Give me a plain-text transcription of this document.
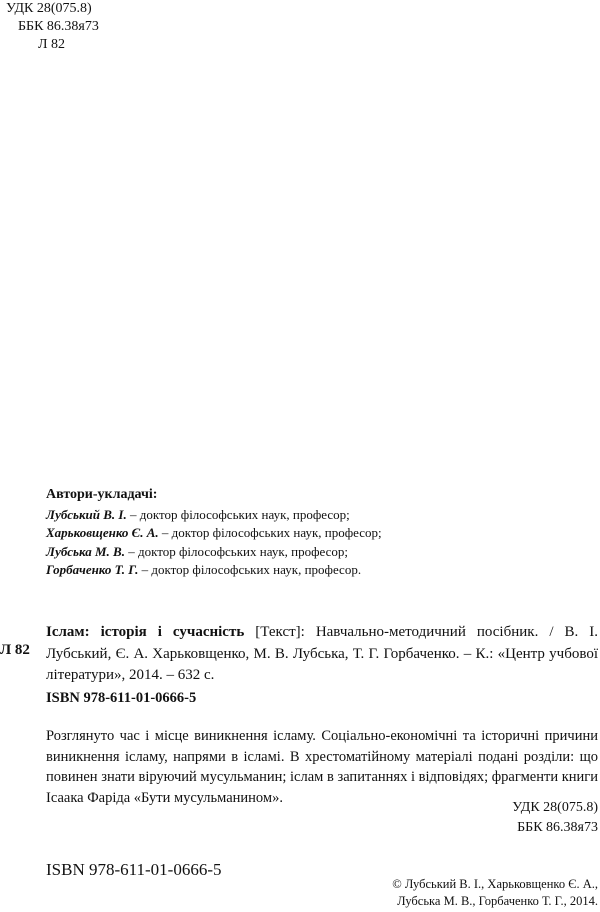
УДК 28(075.8)
ББК 86.38я73
Л 82
Автори-укладачі:
Лубський В. І. – доктор філософських наук, професор;
Харьковщенко Є. А. – доктор філософських наук, професор;
Лубська М. В. – доктор філософських наук, професор;
Горбаченко Т. Г. – доктор філософських наук, професор.
Л 82
Іслам: історія і сучасність [Текст]: Навчально-методичний посібник. / В. І. Лубський, Є. А. Харьковщенко, М. В. Лубська, Т. Г. Горбаченко. – К.: «Центр учбової літератури», 2014. – 632 с.
ISBN 978-611-01-0666-5
Розглянуто час і місце виникнення ісламу. Соціально-економічні та історичні причини виникнення ісламу, напрями в ісламі. В хрестоматійному матеріалі подані розділи: що повинен знати віруючий мусульманин; іслам в запитаннях і відповідях; фрагменти книги Ісаака Фаріда «Бути мусульманином».
УДК 28(075.8)
ББК 86.38я73
ISBN 978-611-01-0666-5
© Лубський В. І., Харьковщенко Є. А.,
Лубська М. В., Горбаченко Т. Г., 2014.
